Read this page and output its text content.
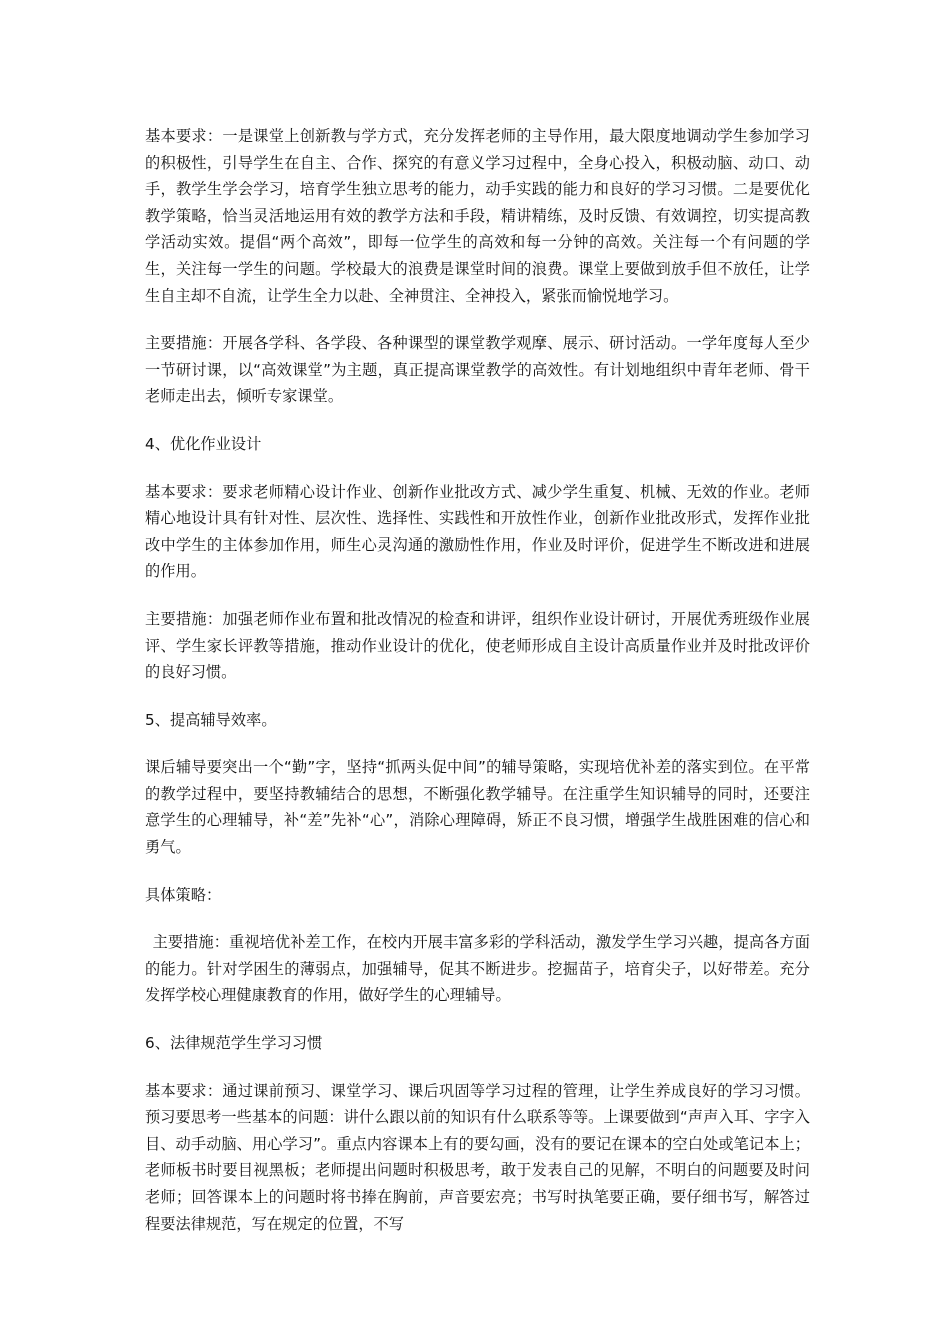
基本要求：一是课堂上创新教与学方式，充分发挥老师的主导作用，最大限度地调动学生参加学习的积极性，引导学生在自主、合作、探究的有意义学习过程中，全身心投入，积极动脑、动口、动手，教学生学会学习，培育学生独立思考的能力，动手实践的能力和良好的学习习惯。二是要优化教学策略，恰当灵活地运用有效的教学方法和手段，精讲精练，及时反馈、有效调控，切实提高教学活动实效。提倡“两个高效”，即每一位学生的高效和每一分钟的高效。关注每一个有问题的学生，关注每一学生的问题。学校最大的浪费是课堂时间的浪费。课堂上要做到放手但不放任，让学生自主却不自流，让学生全力以赴、全神贯注、全神投入，紧张而愉悦地学习。

主要措施：开展各学科、各学段、各种课型的课堂教学观摩、展示、研讨活动。一学年度每人至少一节研讨课，以“高效课堂”为主题，真正提高课堂教学的高效性。有计划地组织中青年老师、骨干老师走出去，倾听专家课堂。

4、优化作业设计

基本要求：要求老师精心设计作业、创新作业批改方式、减少学生重复、机械、无效的作业。老师精心地设计具有针对性、层次性、选择性、实践性和开放性作业，创新作业批改形式，发挥作业批改中学生的主体参加作用，师生心灵沟通的激励性作用，作业及时评价，促进学生不断改进和进展的作用。

主要措施：加强老师作业布置和批改情况的检查和讲评，组织作业设计研讨，开展优秀班级作业展评、学生家长评教等措施，推动作业设计的优化，使老师形成自主设计高质量作业并及时批改评价的良好习惯。

5、提高辅导效率。

课后辅导要突出一个“勤”字，坚持“抓两头促中间”的辅导策略，实现培优补差的落实到位。在平常的教学过程中，要坚持教辅结合的思想，不断强化教学辅导。在注重学生知识辅导的同时，还要注意学生的心理辅导，补“差”先补“心”，消除心理障碍，矫正不良习惯，增强学生战胜困难的信心和勇气。

具体策略：

主要措施：重视培优补差工作，在校内开展丰富多彩的学科活动，激发学生学习兴趣，提高各方面的能力。针对学困生的薄弱点，加强辅导，促其不断进步。挖掘苗子，培育尖子，以好带差。充分发挥学校心理健康教育的作用，做好学生的心理辅导。

6、法律规范学生学习习惯

基本要求：通过课前预习、课堂学习、课后巩固等学习过程的管理，让学生养成良好的学习习惯。预习要思考一些基本的问题：讲什么跟以前的知识有什么联系等等。上课要做到“声声入耳、字字入目、动手动脑、用心学习”。重点内容课本上有的要勾画，没有的要记在课本的空白处或笔记本上；老师板书时要目视黑板；老师提出问题时积极思考，敢于发表自己的见解，不明白的问题要及时问老师；回答课本上的问题时将书捧在胸前，声音要宏亮；书写时执笔要正确，要仔细书写，解答过程要法律规范，写在规定的位置，不写
